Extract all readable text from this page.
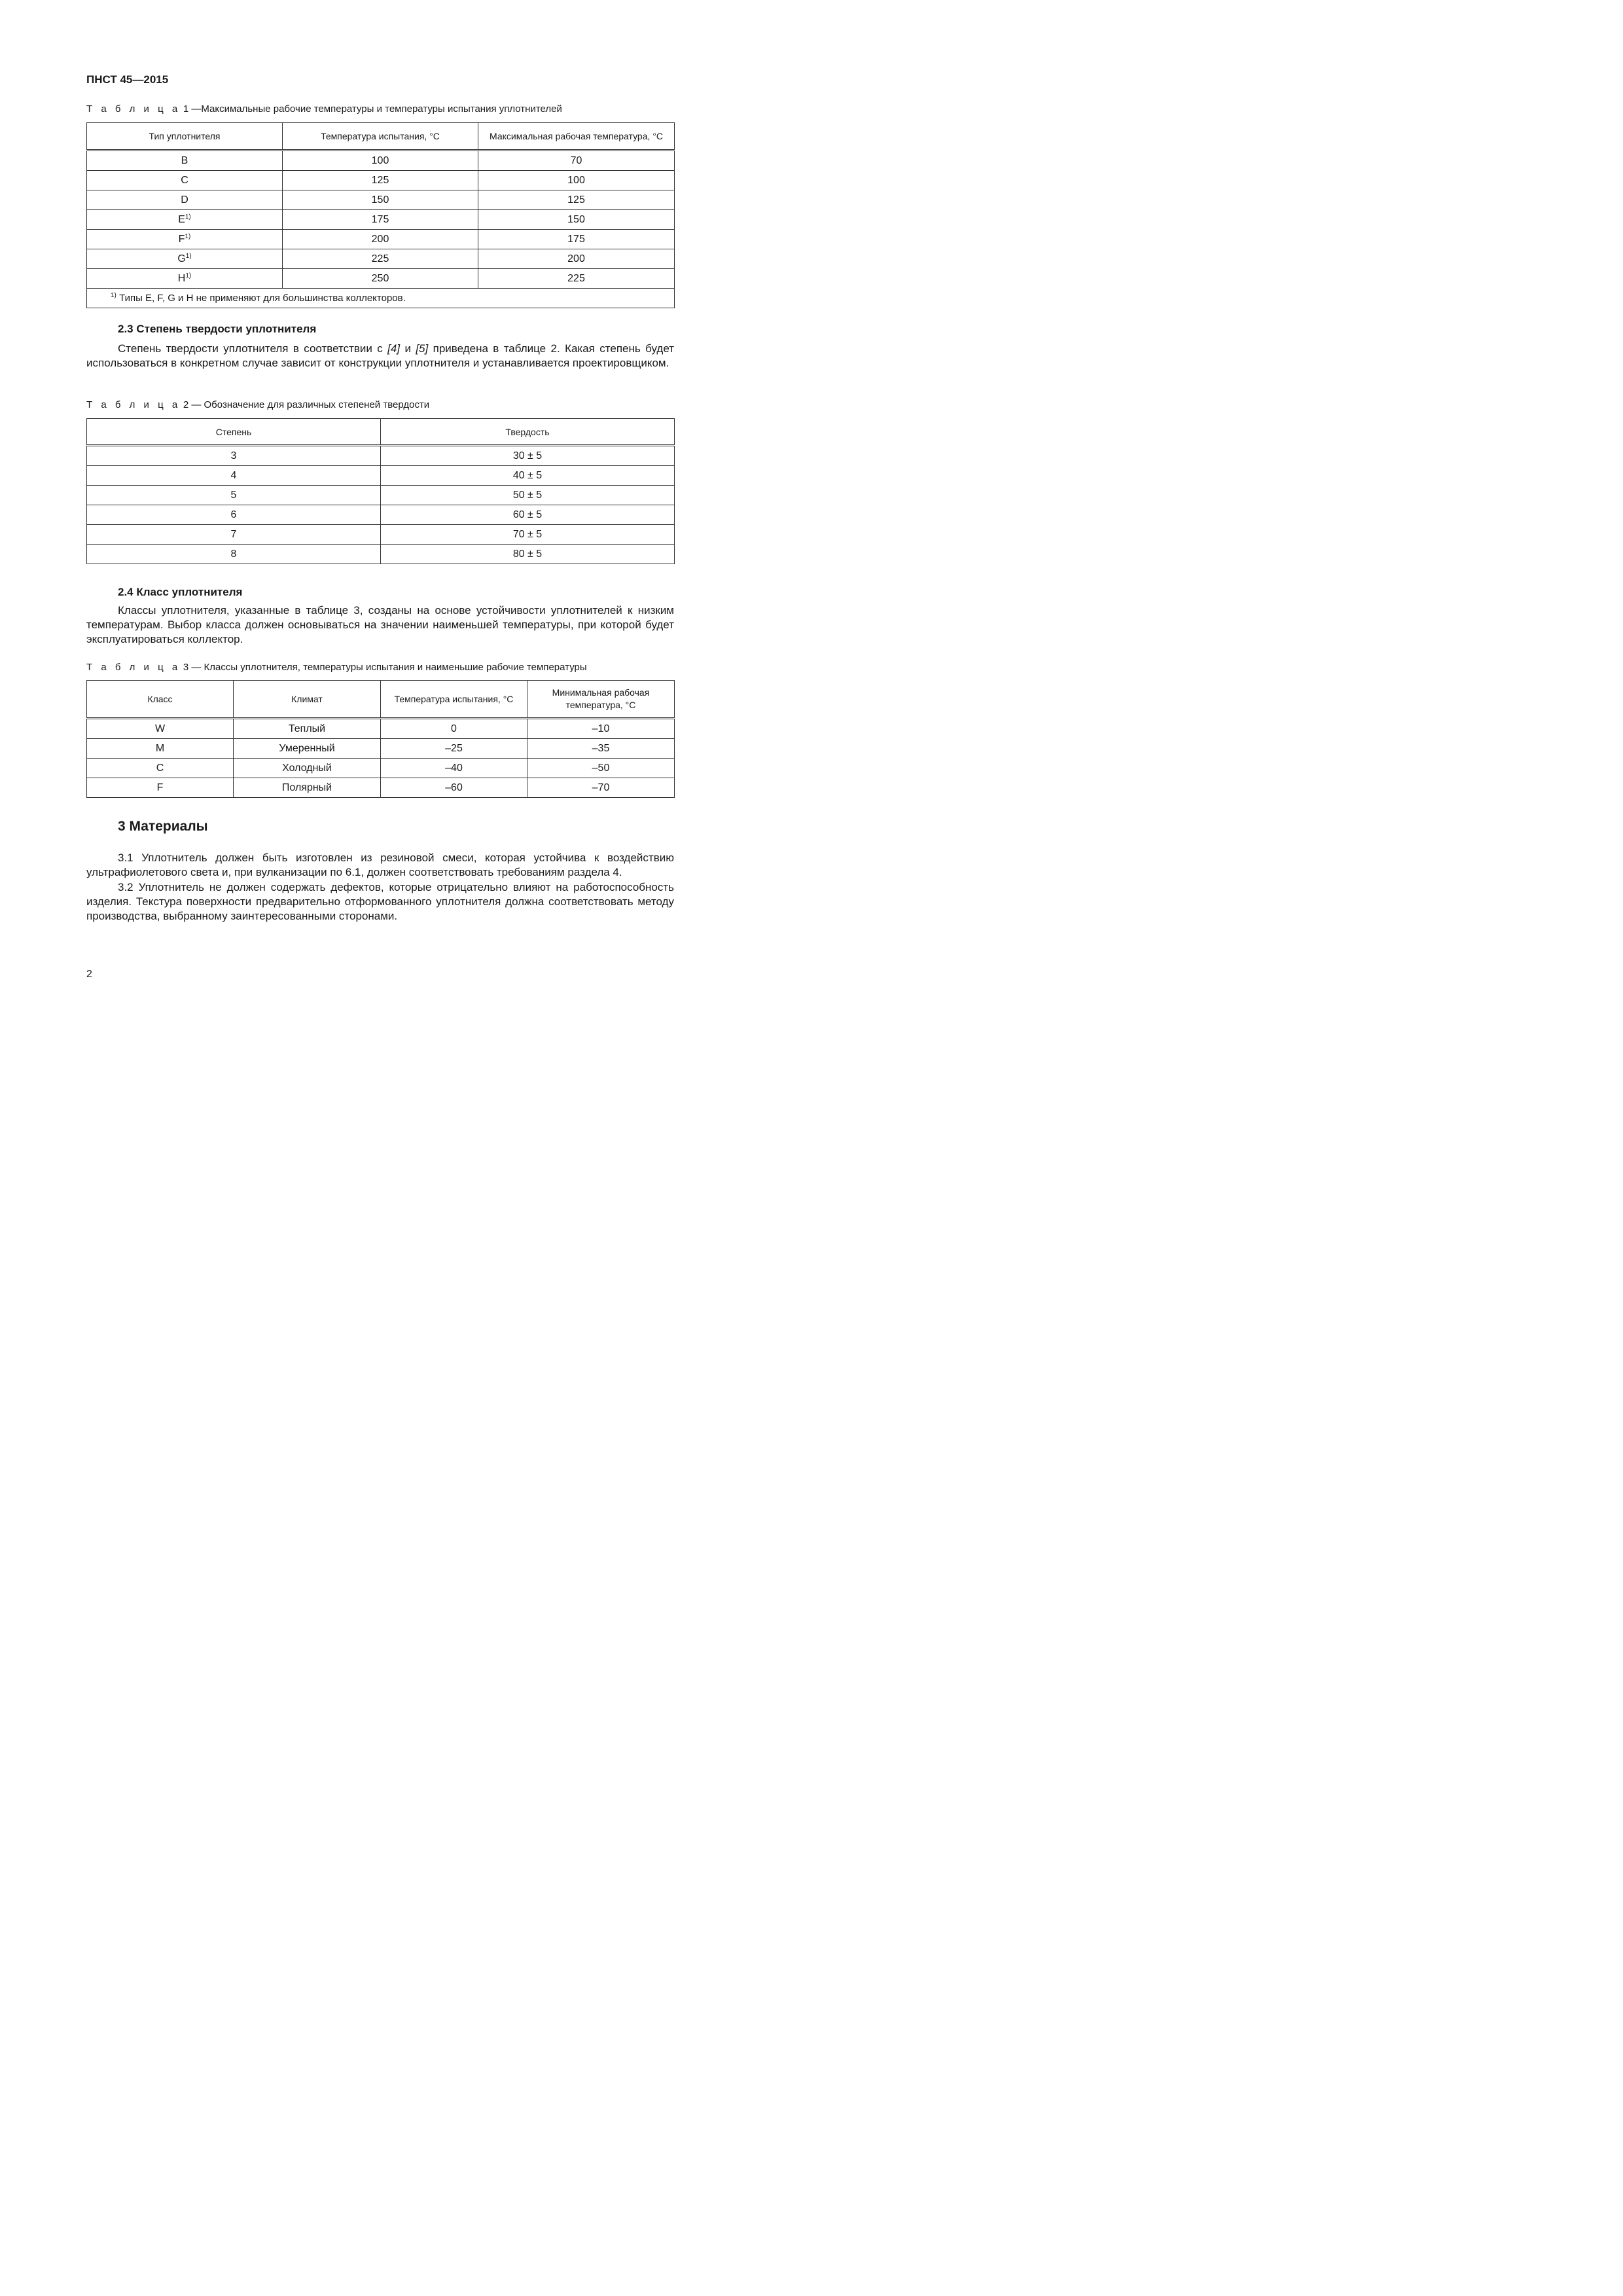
ПНСТ 45—2015
Т а б л и ц а 1 —Максимальные рабочие температуры и температуры испытания уплотнителей
Тип уплотнителя	Температура испытания, °C	Максимальная рабочая температура, °C
B	100	70
C	125	100
D	150	125
$E^{1)}$	175	150
$F^{1)}$	200	175
$G^{1)}$	225	200
$H^{1)}$	250	225
$^{1)}$ Типы E, F, G и H не применяют для большинства коллекторов.		
2.3 Степень твердости уплотнителя
Степень твердости уплотнителя в соответствии с [4] и [5] приведена в таблице 2. Какая степень будет использоваться в конкретном случае зависит от конструкции уплотнителя и устанавливается проектировщиком.
Т а б л и ц а 2 — Обозначение для различных степеней твердости
Степень	Твердость
3	30 ± 5
4	40 ± 5
5	50 ± 5
6	60 ± 5
7	70 ± 5
8	80 ± 5
2.4 Класс уплотнителя
Классы уплотнителя, указанные в таблице 3, созданы на основе устойчивости уплотнителей к низким температурам. Выбор класса должен основываться на значении наименьшей температуры, при которой будет эксплуатироваться коллектор.
Т а б л и ц а 3 — Классы уплотнителя, температуры испытания и наименьшие рабочие температуры
Класс	Климат	Температура испытания, °C	Минимальная рабочая температура, °C
W	Теплый	0	–10
M	Умеренный	–25	–35
C	Холодный	–40	–50
F	Полярный	–60	–70
3 Материалы
3.1 Уплотнитель должен быть изготовлен из резиновой смеси, которая устойчива к воздействию ультрафиолетового света и, при вулканизации по 6.1, должен соответствовать требованиям раздела 4.
3.2 Уплотнитель не должен содержать дефектов, которые отрицательно влияют на работоспособность изделия. Текстура поверхности предварительно отформованного уплотнителя должна соответствовать методу производства, выбранному заинтересованными сторонами.
2
